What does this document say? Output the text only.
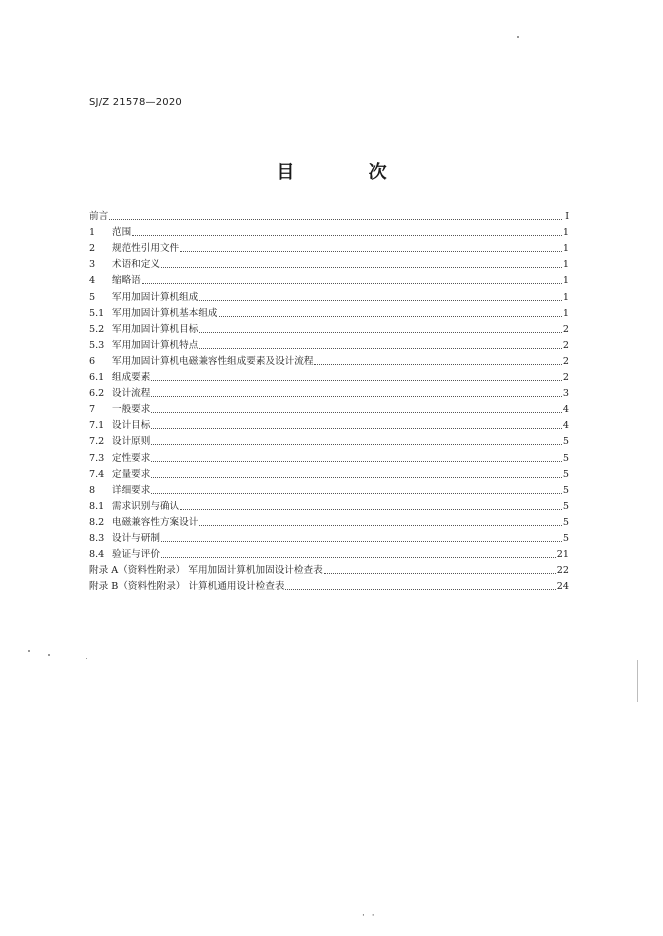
SJ/Z 21578—2020
目 次
前言	I
1	范围	1
2	规范性引用文件	1
3	术语和定义	1
4	缩略语	1
5	军用加固计算机组成	1
5.1 军用加固计算机基本组成	1
5.2 军用加固计算机目标	2
5.3 军用加固计算机特点	2
6	军用加固计算机电磁兼容性组成要素及设计流程	2
6.1 组成要素	2
6.2 设计流程	3
7	一般要求	4
7.1 设计目标	4
7.2 设计原则	5
7.3 定性要求	5
7.4 定量要求	5
8	详细要求	5
8.1 需求识别与确认	5
8.2 电磁兼容性方案设计	5
8.3 设计与研制	5
8.4 验证与评价	21
附录 A（资料性附录） 军用加固计算机加固设计检查表	22
附录 B（资料性附录） 计算机通用设计检查表	24
· ·
